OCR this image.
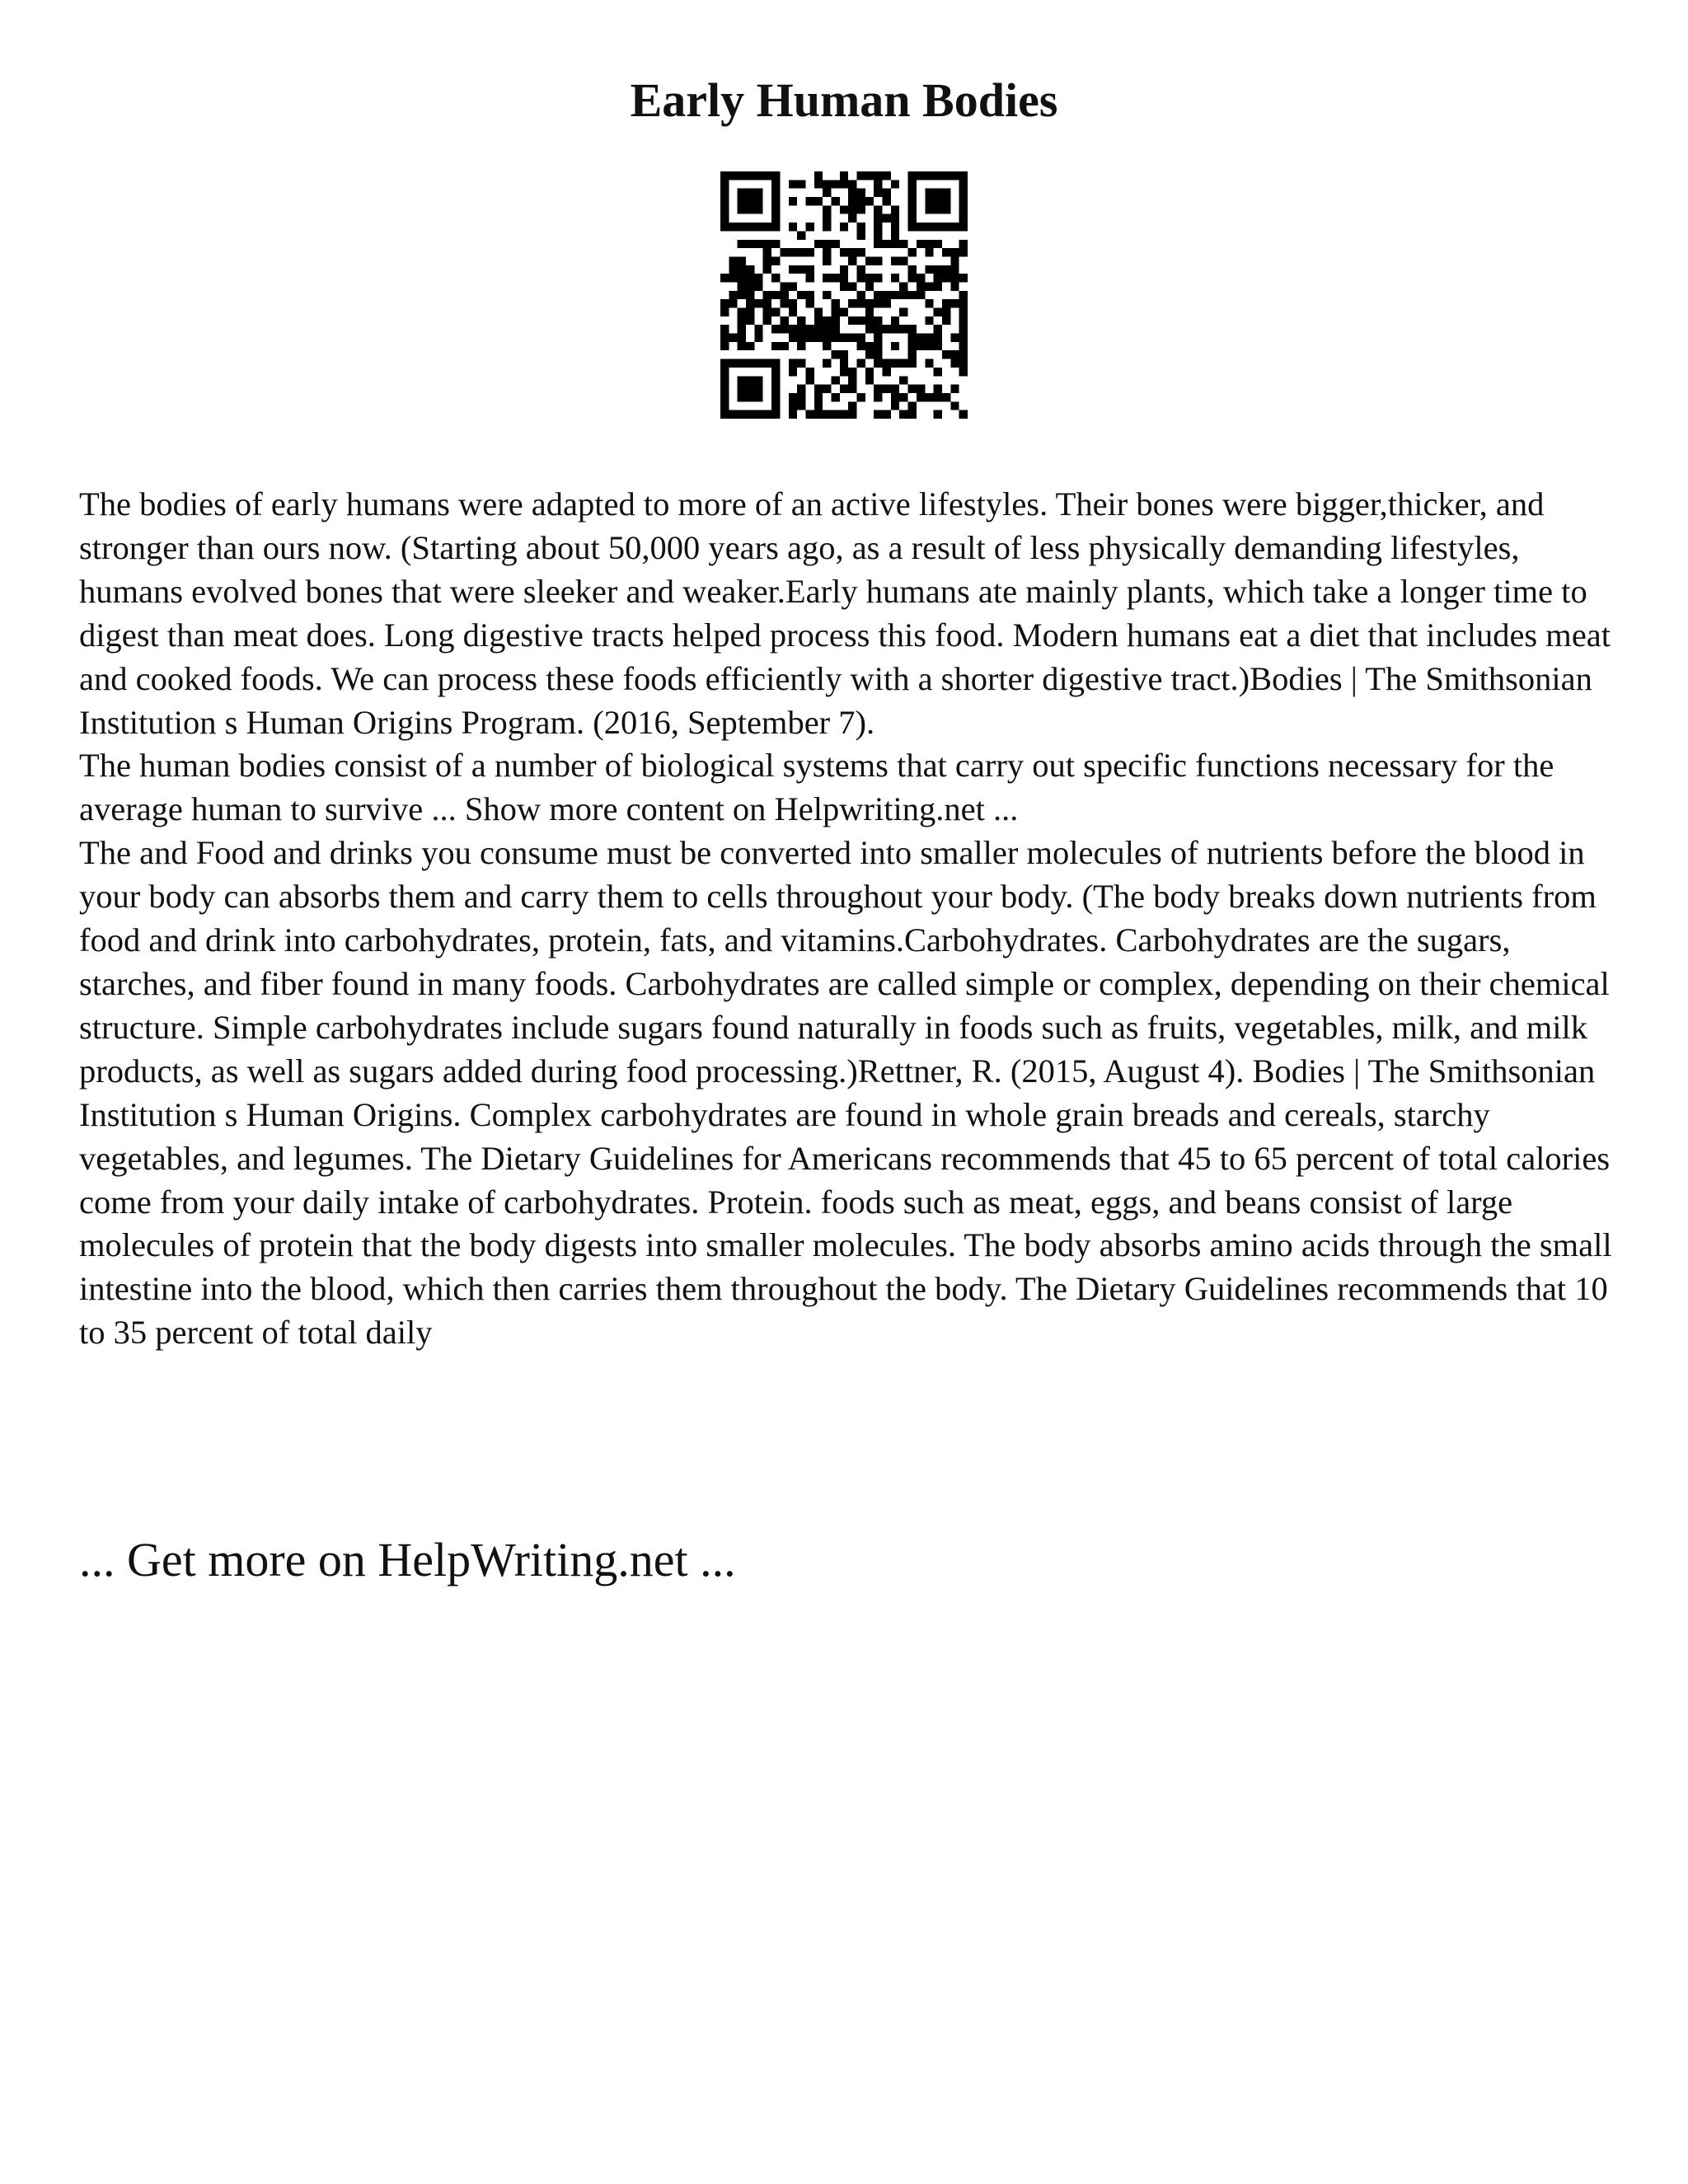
Early Human Bodies

The bodies of early humans were adapted to more of an active lifestyles. Their bones were bigger,thicker, and stronger than ours now. (Starting about 50,000 years ago, as a result of less physically demanding lifestyles, humans evolved bones that were sleeker and weaker.Early humans ate mainly plants, which take a longer time to digest than meat does. Long digestive tracts helped process this food. Modern humans eat a diet that includes meat and cooked foods. We can process these foods efficiently with a shorter digestive tract.)Bodies | The Smithsonian Institution s Human Origins Program. (2016, September 7).

The human bodies consist of a number of biological systems that carry out specific functions necessary for the average human to survive ... Show more content on Helpwriting.net ...

The and Food and drinks you consume must be converted into smaller molecules of nutrients before the blood in your body can absorbs them and carry them to cells throughout your body. (The body breaks down nutrients from food and drink into carbohydrates, protein, fats, and vitamins.Carbohydrates. Carbohydrates are the sugars, starches, and fiber found in many foods. Carbohydrates are called simple or complex, depending on their chemical structure. Simple carbohydrates include sugars found naturally in foods such as fruits, vegetables, milk, and milk products, as well as sugars added during food processing.)Rettner, R. (2015, August 4). Bodies | The Smithsonian Institution s Human Origins. Complex carbohydrates are found in whole grain breads and cereals, starchy vegetables, and legumes. The Dietary Guidelines for Americans recommends that 45 to 65 percent of total calories come from your daily intake of carbohydrates. Protein. foods such as meat, eggs, and beans consist of large molecules of protein that the body digests into smaller molecules. The body absorbs amino acids through the small intestine into the blood, which then carries them throughout the body. The Dietary Guidelines recommends that 10 to 35 percent of total daily

... Get more on HelpWriting.net ...
